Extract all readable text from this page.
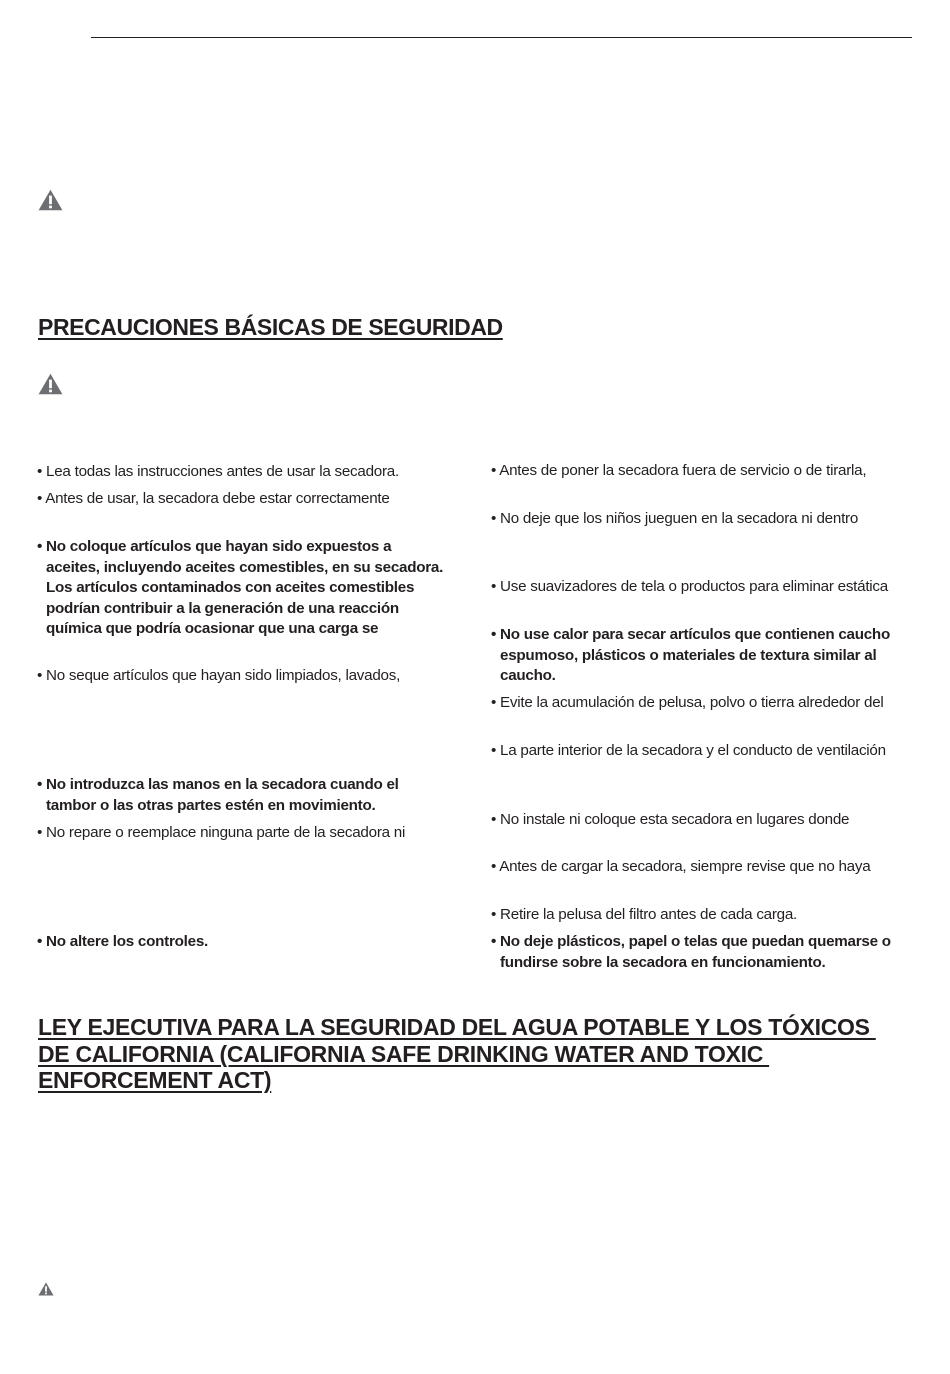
PRECAUCIONES BÁSICAS DE SEGURIDAD
• Lea todas las instrucciones antes de usar la secadora.
• Antes de usar, la secadora debe estar correctamente
• No coloque artículos que hayan sido expuestos a
aceites, incluyendo aceites comestibles, en su secadora.
Los artículos contaminados con aceites comestibles
podrían contribuir a la generación de una reacción
química que podría ocasionar que una carga se
• No seque artículos que hayan sido limpiados, lavados,
• No introduzca las manos en la secadora cuando el
tambor o las otras partes estén en movimiento.
• No repare o reemplace ninguna parte de la secadora ni
• No altere los controles.
• Antes de poner la secadora fuera de servicio o de tirarla,
• No deje que los niños jueguen en la secadora ni dentro
• Use suavizadores de tela o productos para eliminar estática
• No use calor para secar artículos que contienen caucho
espumoso, plásticos o materiales de textura similar al
caucho.
• Evite la acumulación de pelusa, polvo o tierra alrededor del
• La parte interior de la secadora y el conducto de ventilación
• No instale ni coloque esta secadora en lugares donde
• Antes de cargar la secadora, siempre revise que no haya
• Retire la pelusa del filtro antes de cada carga.
• No deje plásticos, papel o telas que puedan quemarse o
fundirse sobre la secadora en funcionamiento.
LEY EJECUTIVA PARA LA SEGURIDAD DEL AGUA POTABLE Y LOS TÓXICOS
DE CALIFORNIA (CALIFORNIA SAFE DRINKING WATER AND TOXIC
ENFORCEMENT ACT)
